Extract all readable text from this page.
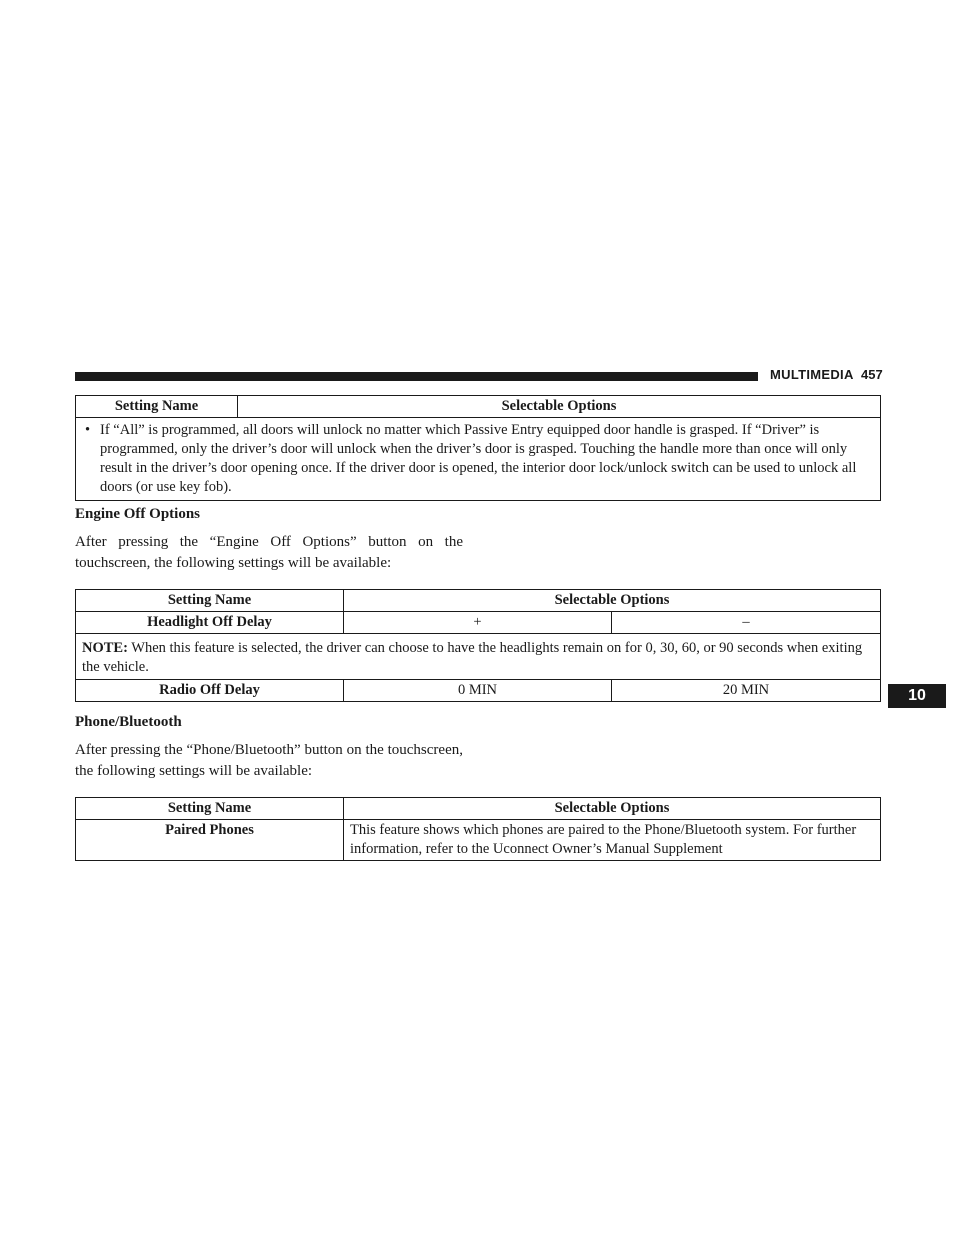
MULTIMEDIA 457
10
Setting Name	Selectable Options

• If “All” is programmed, all doors will unlock no matter which Passive Entry equipped door handle is grasped. If “Driver” is programmed, only the driver’s door will unlock when the driver’s door is grasped. Touching the handle more than once will only result in the driver’s door opening once. If the driver door is opened, the interior door lock/unlock switch can be used to unlock all doors (or use key fob).
Engine Off Options
After pressing the “Engine Off Options” button on the touchscreen, the following settings will be available:
Setting Name	Selectable Options	
Headlight Off Delay	+	–
NOTE: When this feature is selected, the driver can choose to have the headlights remain on for 0, 30, 60, or 90 seconds when exiting the vehicle.		
Radio Off Delay	0 MIN	20 MIN
Phone/Bluetooth
After pressing the “Phone/Bluetooth” button on the touchscreen, the following settings will be available:
Setting Name	Selectable Options
Paired Phones	This feature shows which phones are paired to the Phone/Bluetooth system. For further information, refer to the Uconnect Owner’s Manual Supplement
